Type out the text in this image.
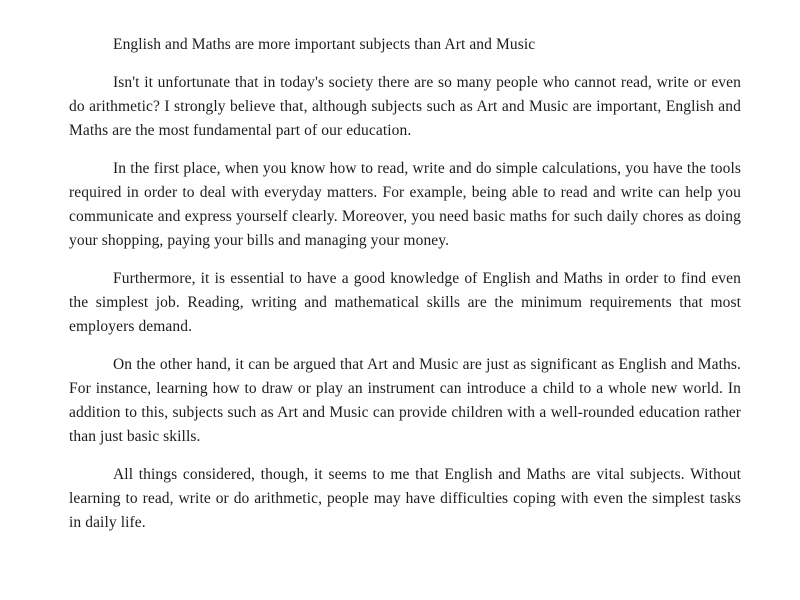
English and Maths are more important subjects than Art and Music

Isn't it unfortunate that in today's society there are so many people who cannot read, write or even do arithmetic? I strongly believe that, although subjects such as Art and Music are important, English and Maths are the most fundamental part of our education.

In the first place, when you know how to read, write and do simple calculations, you have the tools required in order to deal with everyday matters. For example, being able to read and write can help you communicate and express yourself clearly. Moreover, you need basic maths for such daily chores as doing your shopping, paying your bills and managing your money.

Furthermore, it is essential to have a good knowledge of English and Maths in order to find even the simplest job. Reading, writing and mathematical skills are the minimum requirements that most employers demand.

On the other hand, it can be argued that Art and Music are just as significant as English and Maths. For instance, learning how to draw or play an instrument can introduce a child to a whole new world. In addition to this, subjects such as Art and Music can provide children with a well-rounded education rather than just basic skills.

All things considered, though, it seems to me that English and Maths are vital subjects. Without learning to read, write or do arithmetic, people may have difficulties coping with even the simplest tasks in daily life.
